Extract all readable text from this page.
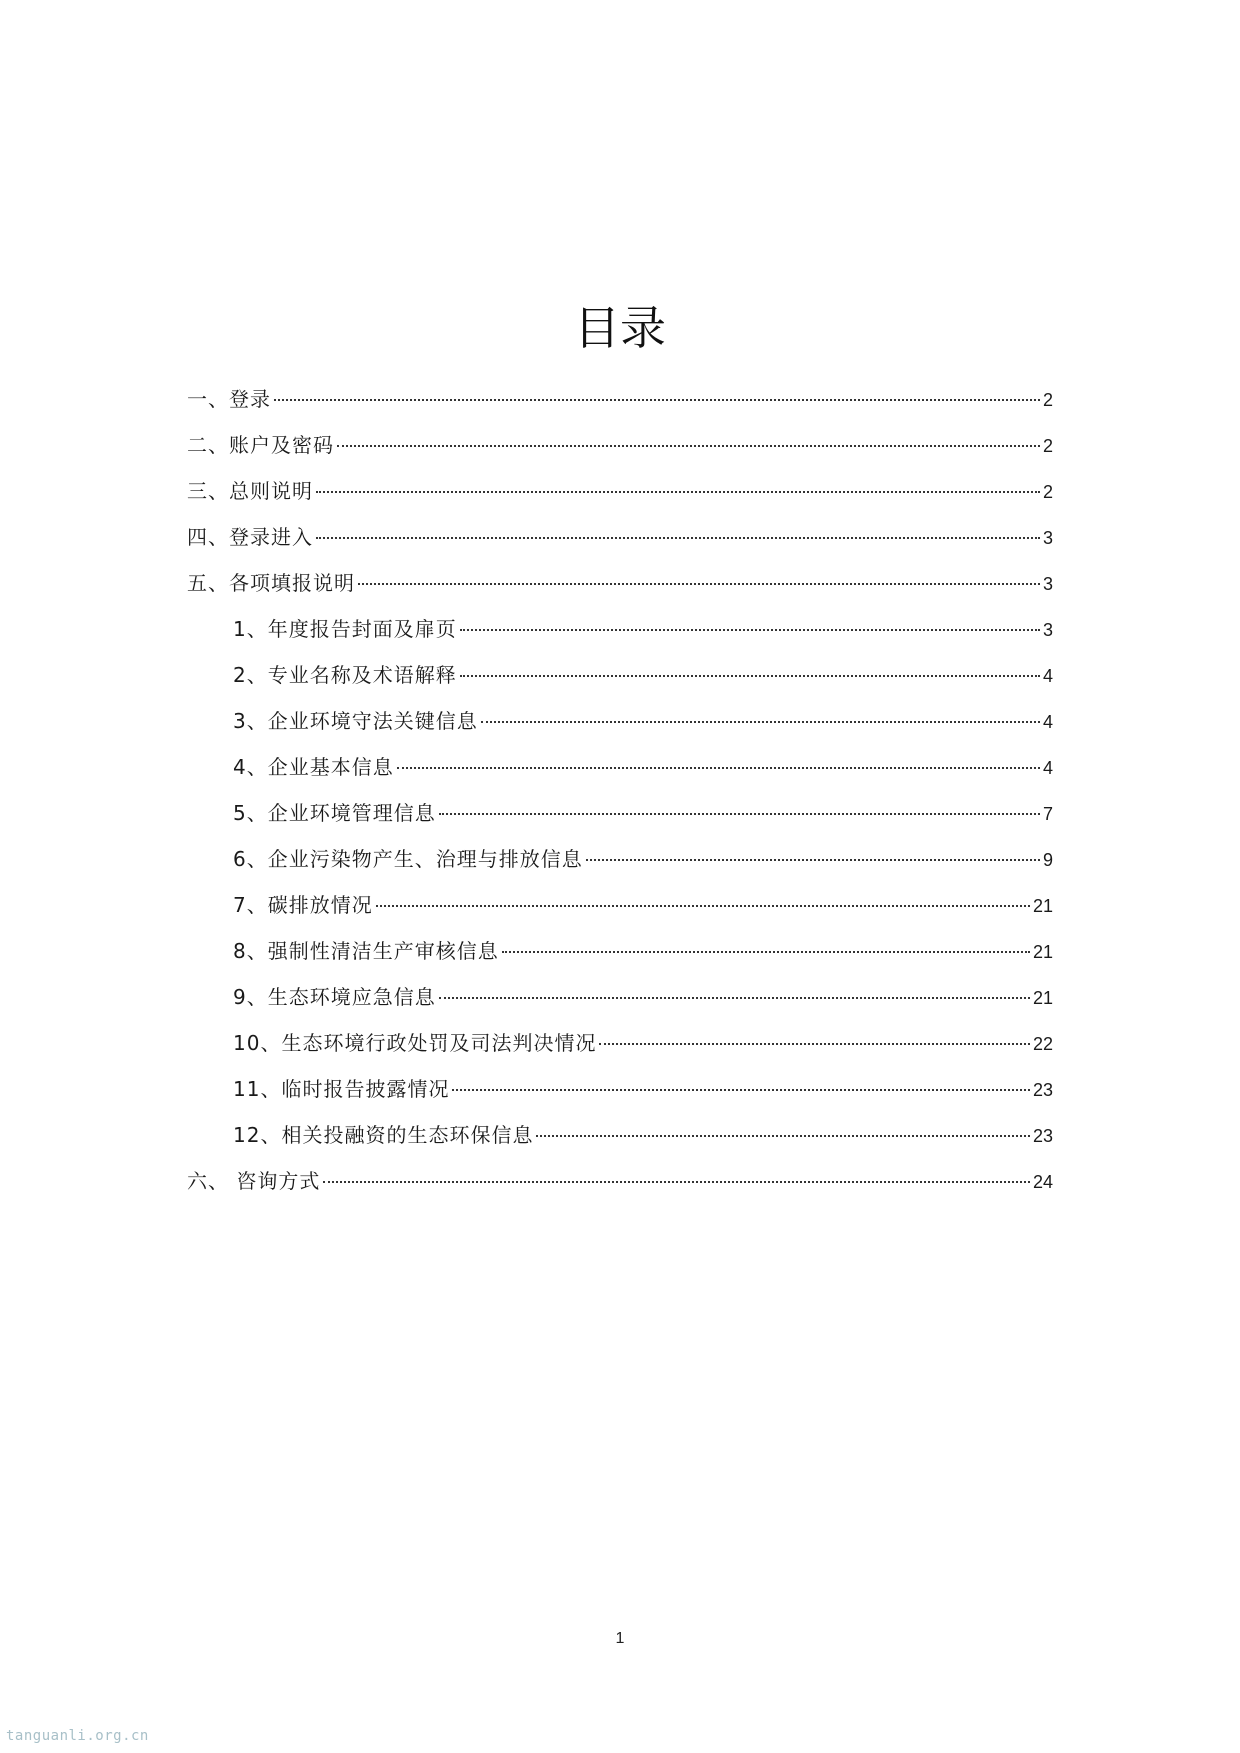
目录
一、登录	2
二、账户及密码	2
三、总则说明	2
四、登录进入	3
五、各项填报说明	3
1、年度报告封面及扉页	3
2、专业名称及术语解释	4
3、企业环境守法关键信息	4
4、企业基本信息	4
5、企业环境管理信息	7
6、企业污染物产生、治理与排放信息	9
7、碳排放情况	21
8、强制性清洁生产审核信息	21
9、生态环境应急信息	21
10、生态环境行政处罚及司法判决情况	22
11、临时报告披露情况	23
12、相关投融资的生态环保信息	23
六、 咨询方式	24
1
tanguanli.org.cn
